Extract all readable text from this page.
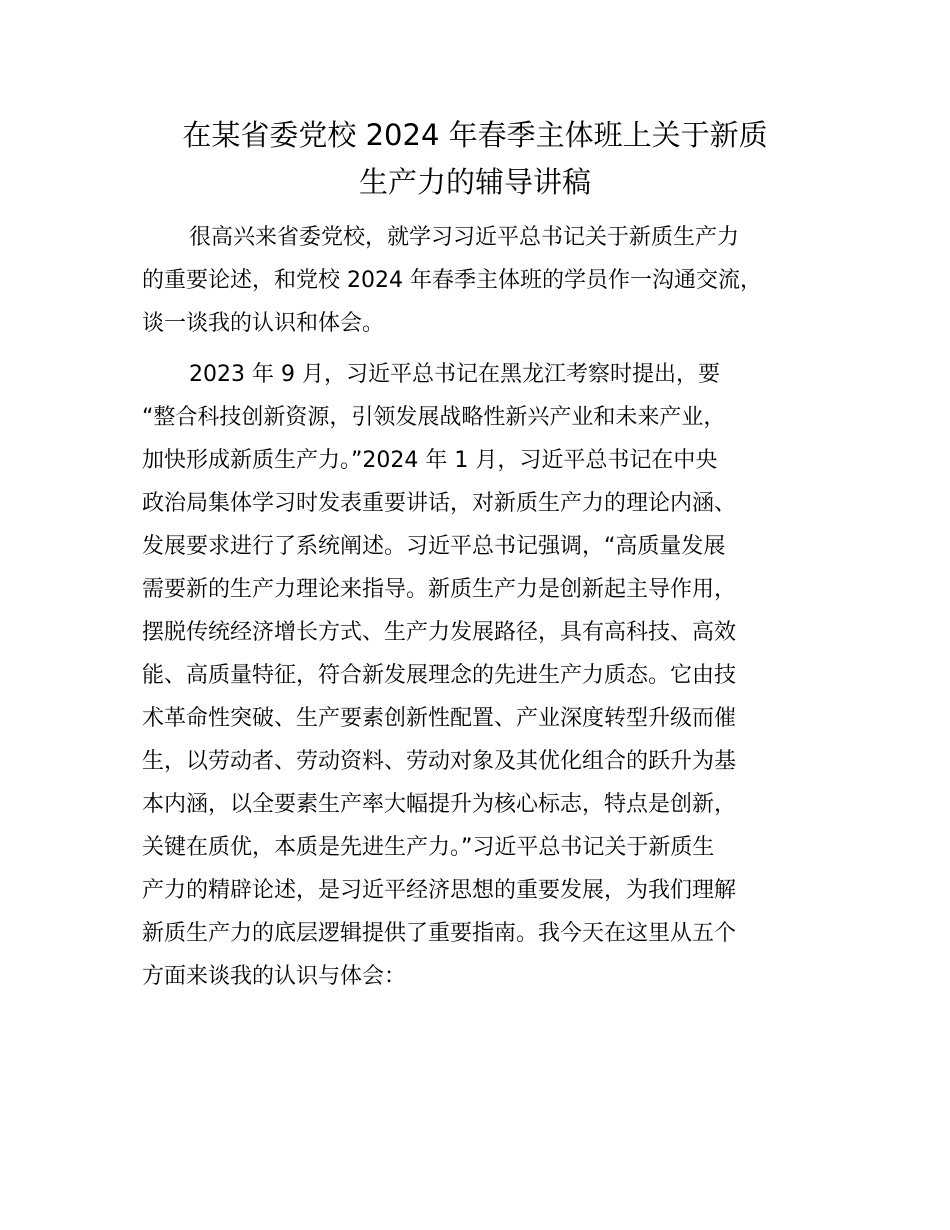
在某省委党校 2024 年春季主体班上关于新质
生产力的辅导讲稿

很高兴来省委党校，就学习习近平总书记关于新质生产力
的重要论述，和党校 2024 年春季主体班的学员作一沟通交流，
谈一谈我的认识和体会。

2023 年 9 月，习近平总书记在黑龙江考察时提出，要
“整合科技创新资源，引领发展战略性新兴产业和未来产业，
加快形成新质生产力。”2024 年 1 月，习近平总书记在中央
政治局集体学习时发表重要讲话，对新质生产力的理论内涵、
发展要求进行了系统阐述。习近平总书记强调，“高质量发展
需要新的生产力理论来指导。新质生产力是创新起主导作用，
摆脱传统经济增长方式、生产力发展路径，具有高科技、高效
能、高质量特征，符合新发展理念的先进生产力质态。它由技
术革命性突破、生产要素创新性配置、产业深度转型升级而催
生，以劳动者、劳动资料、劳动对象及其优化组合的跃升为基
本内涵，以全要素生产率大幅提升为核心标志，特点是创新，
关键在质优，本质是先进生产力。”习近平总书记关于新质生
产力的精辟论述，是习近平经济思想的重要发展，为我们理解
新质生产力的底层逻辑提供了重要指南。我今天在这里从五个
方面来谈我的认识与体会：
